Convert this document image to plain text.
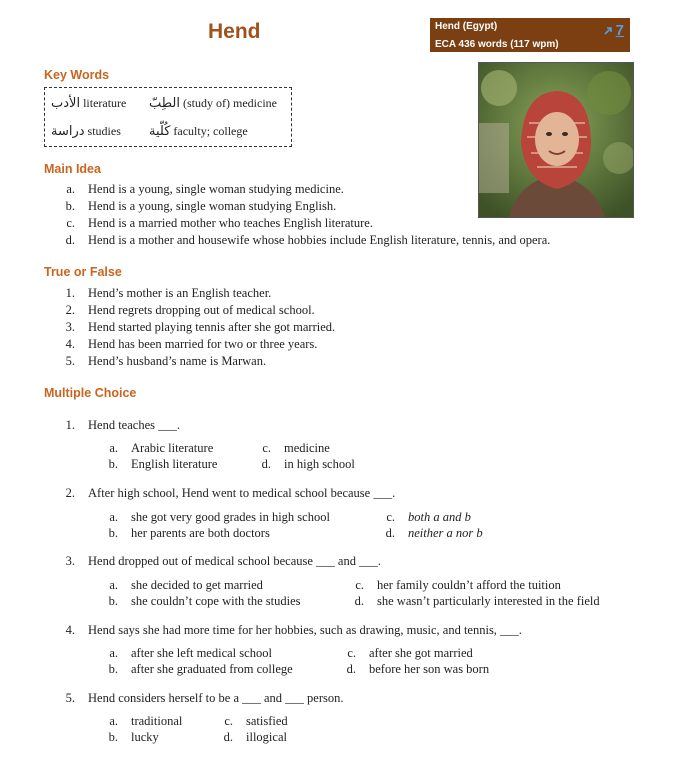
Hend	Hend (Egypt)
ECA 436 words (117 wpm)
7
Key Words
الأدب literature الطِبّ (study of) medicine
دراسة studies كُلّية faculty; college
Main Idea
a. Hend is a young, single woman studying medicine.
b. Hend is a young, single woman studying English.
c. Hend is a married mother who teaches English literature.
d. Hend is a mother and housewife whose hobbies include English literature, tennis, and opera.
True or False
1. Hend’s mother is an English teacher.
2. Hend regrets dropping out of medical school.
3. Hend started playing tennis after she got married.
4. Hend has been married for two or three years.
5. Hend’s husband’s name is Marwan.
Multiple Choice
1. Hend teaches ___.
a. Arabic literature
b. English literature
c. medicine
d. in high school
2. After high school, Hend went to medical school because ___.
a. she got very good grades in high school
b. her parents are both doctors
c. both a and b
d. neither a nor b
3. Hend dropped out of medical school because ___ and ___.
a. she decided to get married
b. she couldn’t cope with the studies
c. her family couldn’t afford the tuition
d. she wasn’t particularly interested in the field
4. Hend says she had more time for her hobbies, such as drawing, music, and tennis, ___.
a. after she left medical school
b. after she graduated from college
c. after she got married
d. before her son was born
5. Hend considers herself to be a ___ and ___ person.
a. traditional
b. lucky
c. satisfied
d. illogical
